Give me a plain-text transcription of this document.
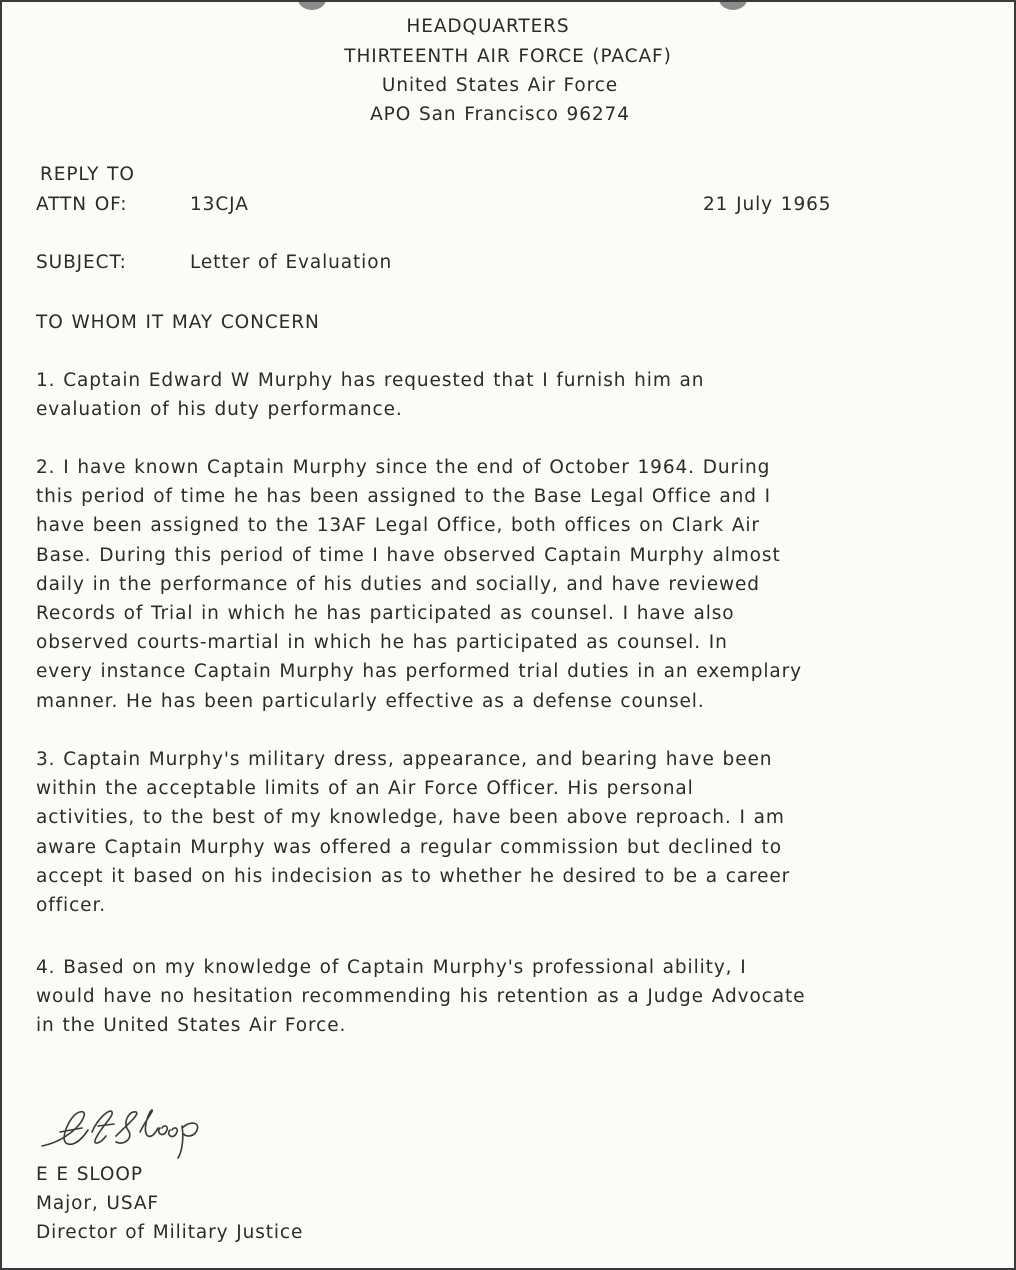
HEADQUARTERS
THIRTEENTH AIR FORCE (PACAF)
United States Air Force
APO San Francisco 96274
REPLY TO
ATTN OF:	13CJA	21 July 1965
SUBJECT:	Letter of Evaluation
TO WHOM IT MAY CONCERN
1. Captain Edward W Murphy has requested that I furnish him an
evaluation of his duty performance.
2. I have known Captain Murphy since the end of October 1964. During
this period of time he has been assigned to the Base Legal Office and I
have been assigned to the 13AF Legal Office, both offices on Clark Air
Base. During this period of time I have observed Captain Murphy almost
daily in the performance of his duties and socially, and have reviewed
Records of Trial in which he has participated as counsel. I have also
observed courts-martial in which he has participated as counsel. In
every instance Captain Murphy has performed trial duties in an exemplary
manner. He has been particularly effective as a defense counsel.
3. Captain Murphy's military dress, appearance, and bearing have been
within the acceptable limits of an Air Force Officer. His personal
activities, to the best of my knowledge, have been above reproach. I am
aware Captain Murphy was offered a regular commission but declined to
accept it based on his indecision as to whether he desired to be a career
officer.
4. Based on my knowledge of Captain Murphy's professional ability, I
would have no hesitation recommending his retention as a Judge Advocate
in the United States Air Force.
E E SLOOP
Major, USAF
Director of Military Justice
